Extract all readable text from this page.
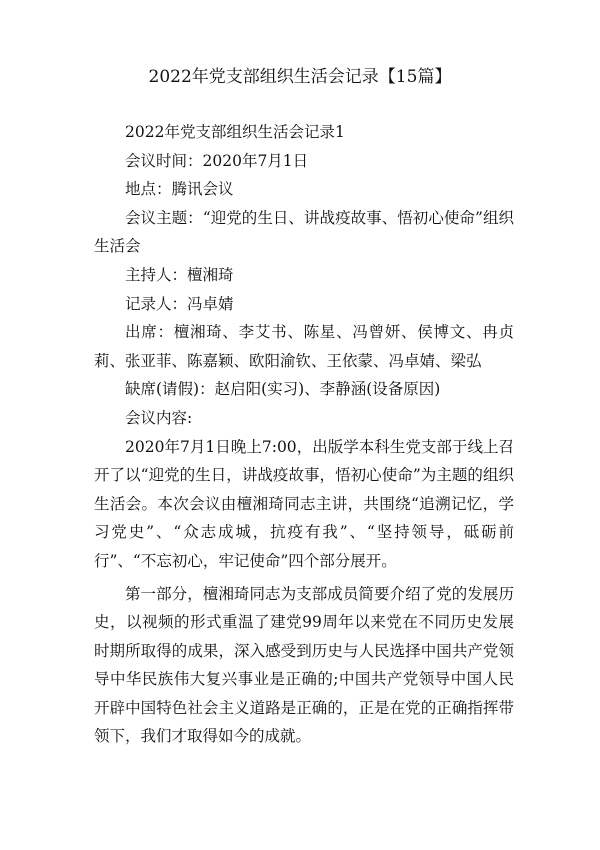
2022年党支部组织生活会记录【15篇】

2022年党支部组织生活会记录1

会议时间：2020年7月1日

地点：腾讯会议

会议主题：“迎党的生日、讲战疫故事、悟初心使命”组织生活会

主持人：檀湘琦

记录人：冯卓婧

出席：檀湘琦、李艾书、陈星、冯曾妍、侯博文、冉贞莉、张亚菲、陈嘉颖、欧阳渝钦、王依蒙、冯卓婧、梁弘

缺席(请假)：赵启阳(实习)、李静涵(设备原因)

会议内容:

2020年7月1日晚上7:00，出版学本科生党支部于线上召开了以“迎党的生日，讲战疫故事，悟初心使命”为主题的组织生活会。本次会议由檀湘琦同志主讲，共围绕“追溯记忆，学习党史”、“众志成城，抗疫有我”、“坚持领导，砥砺前行”、“不忘初心，牢记使命”四个部分展开。

第一部分，檀湘琦同志为支部成员简要介绍了党的发展历史，以视频的形式重温了建党99周年以来党在不同历史发展时期所取得的成果，深入感受到历史与人民选择中国共产党领导中华民族伟大复兴事业是正确的;中国共产党领导中国人民开辟中国特色社会主义道路是正确的，正是在党的正确指挥带领下，我们才取得如今的成就。
